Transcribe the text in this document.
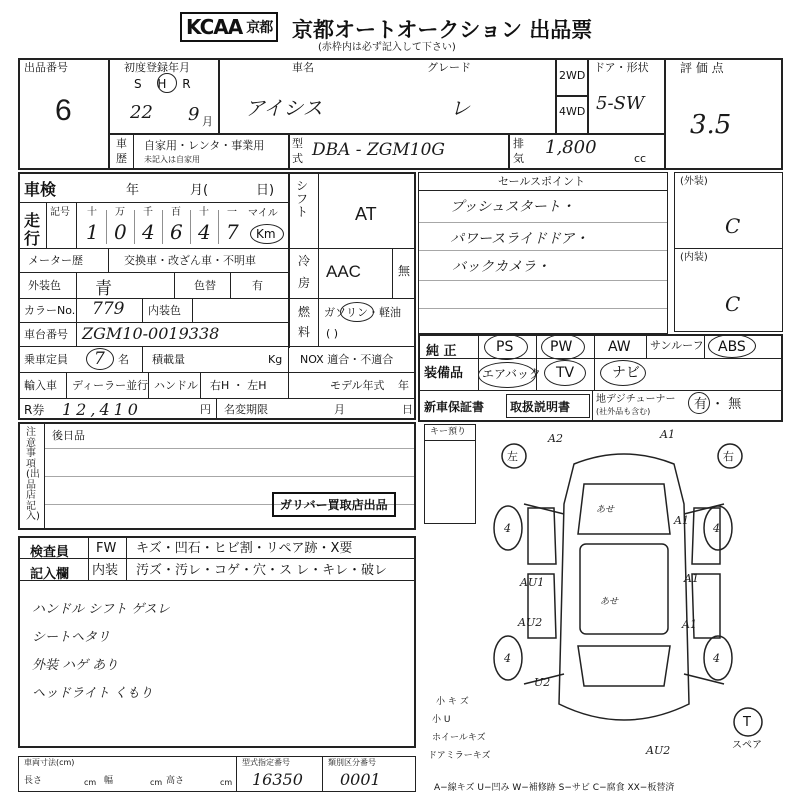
KCAA 京都 京都オートオークション 出品票
(赤枠内は必ず記入して下さい)
出品番号
6
初度登録年月
S H R
22 9 月
車名
アイシス
グレード
レ
2WD
4WD
ドア・形状
5-SW
車
歴
自家用・レンタ・事業用
未記入は自家用
型
式 DBA - ZGM10G	排
気
1,800
cc
評 価 点
3.5
車検	年	月(	日) シフト	AT
走
行
記号 十
1
万
0
千
4
百
6
十
4
一
7
マイル
Km
メーター歴	交換車・改ざん車・不明車	冷
房
AAC	無
外装色 青	色替	有
カラーNo. 779 内装色	燃
料
ガソリン・軽油
( )
車台番号 ZGM10-0019338
乗車定員 7 名 積載量	Kg NOX 適合・不適合
輸入車 ディーラー並行 ハンドル 右H ・ 左H	モデル年式 年
R券 12,410	円 名変期限	月	日
セールスポイント
プッシュスタート・
パワースライドドア・
バックカメラ・
(外装)
C
(内装)
C
純 正
装備品
PS	PW	AW サンルーフ ABS
エアバック TV	ナビ
新車保証書 取扱説明書
地デジチューナー
(社外品も含む)	有 ・ 無
注意事項(出品店記入)
後日品
ガリバー買取店出品
キー預り
検査員
記入欄
FW キズ・凹石・ヒビ割・リペア跡・X要
内装 汚ズ・汚レ・コゲ・穴・ス レ・キレ・破レ
ハンドル シフト ゲスレ
シートヘタリ
外装 ハゲ あり
ヘッドライト くもり
左	右
T
スペア
A2	A1
あせ
A1
4	4
AU1	A1
あせ
AU2	A1
4	4
U2
AU2
小 キ ズ
小 U
ホイールキズ
ドアミラーキズ
A−線キズ U−凹み W−補修跡 S−サビ C−腐食 XX−板替済
車両寸法(cm)
長さ	cm 幅	cm 高さ	cm
型式指定番号
16350
類別区分番号
0001
